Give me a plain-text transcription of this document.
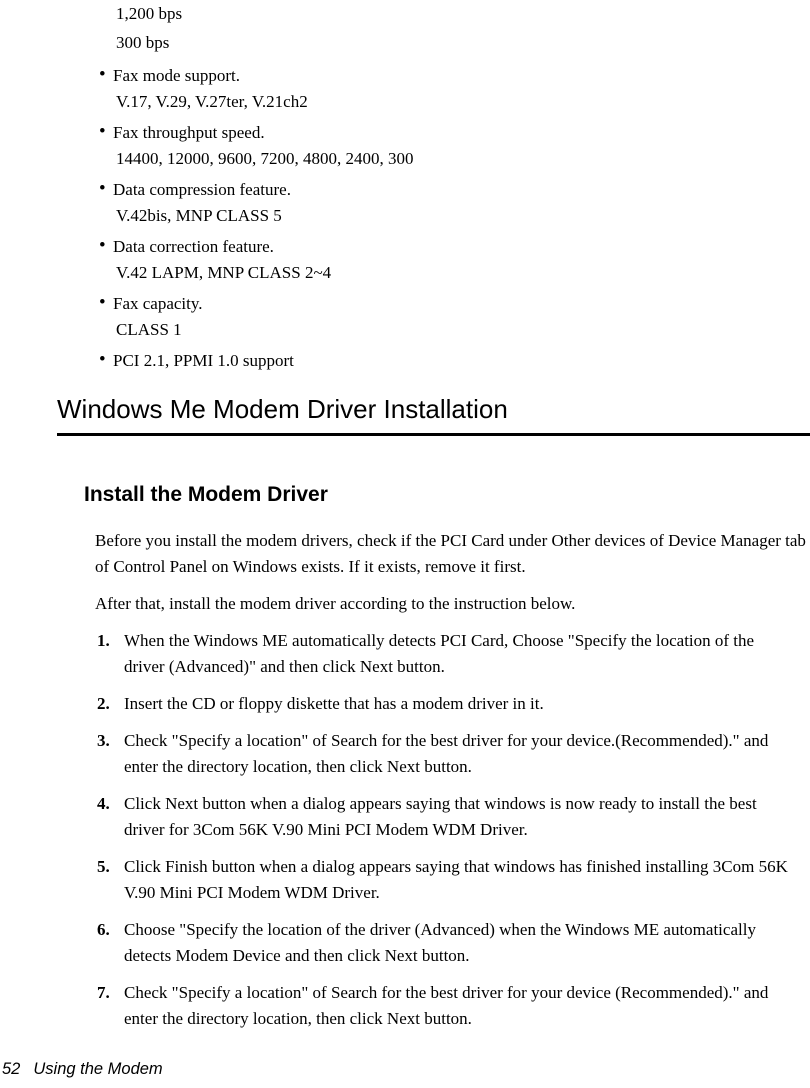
1,200 bps
300 bps
• Fax mode support.
V.17, V.29, V.27ter, V.21ch2
• Fax throughput speed.
14400, 12000, 9600, 7200, 4800, 2400, 300
• Data compression feature.
V.42bis, MNP CLASS 5
• Data correction feature.
V.42 LAPM, MNP CLASS 2~4
• Fax capacity.
CLASS 1
• PCI 2.1, PPMI 1.0 support
Windows Me Modem Driver Installation
Install the Modem Driver

Before you install the modem drivers, check if the PCI Card under Other devices of Device Manager tab of Control Panel on Windows exists. If it exists, remove it first.

After that, install the modem driver according to the instruction below.

1. When the Windows ME automatically detects PCI Card, Choose "Specify the location of the driver (Advanced)" and then click Next button.
2. Insert the CD or floppy diskette that has a modem driver in it.
3. Check "Specify a location" of Search for the best driver for your device.(Recommended)." and enter the directory location, then click Next button.
4. Click Next button when a dialog appears saying that windows is now ready to install the best driver for 3Com 56K V.90 Mini PCI Modem WDM Driver.
5. Click Finish button when a dialog appears saying that windows has finished installing 3Com 56K V.90 Mini PCI Modem WDM Driver.
6. Choose "Specify the location of the driver (Advanced) when the Windows ME automatically detects Modem Device and then click Next button.
7. Check "Specify a location" of Search for the best driver for your device (Recommended)." and enter the directory location, then click Next button.
52 Using the Modem
